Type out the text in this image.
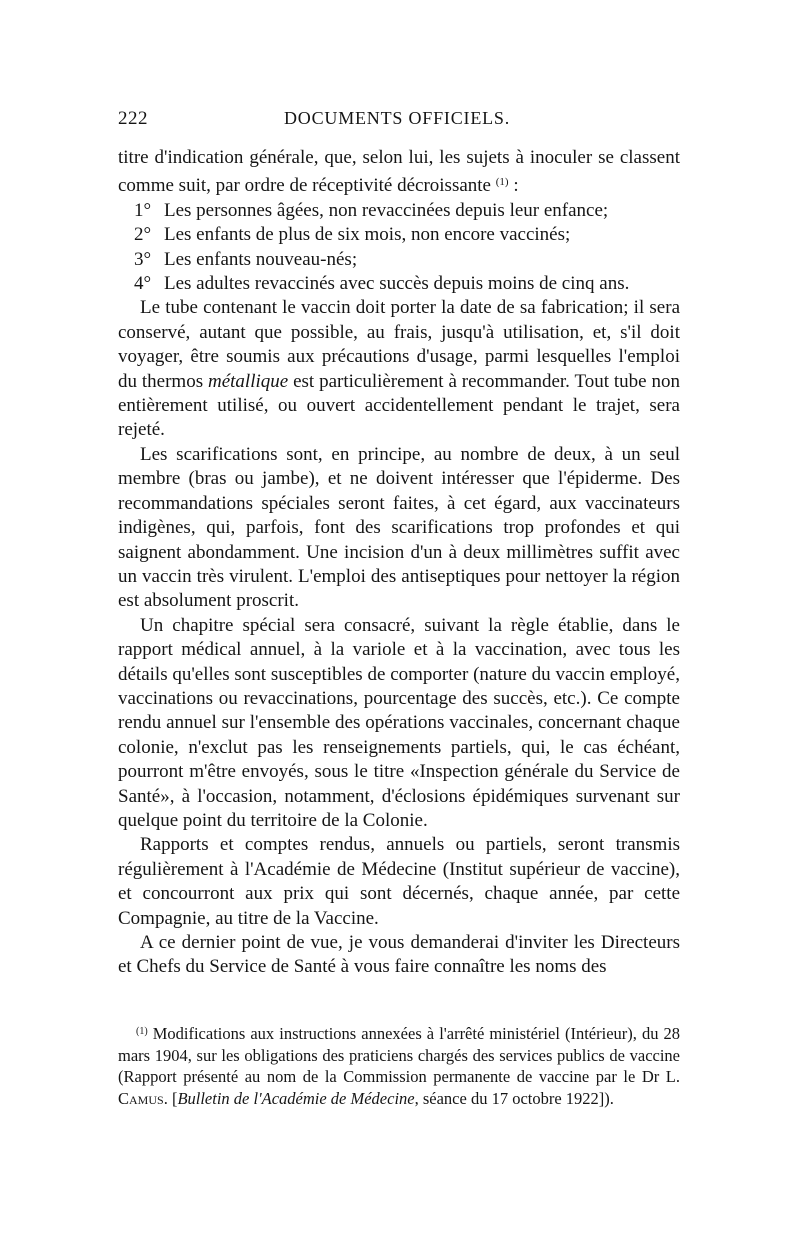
222	DOCUMENTS OFFICIELS.

titre d'indication générale, que, selon lui, les sujets à inoculer se classent comme suit, par ordre de réceptivité décroissante $^{(1)}$ :

1° Les personnes âgées, non revaccinées depuis leur enfance;

2° Les enfants de plus de six mois, non encore vaccinés;

3° Les enfants nouveau-nés;

4° Les adultes revaccinés avec succès depuis moins de cinq ans.

Le tube contenant le vaccin doit porter la date de sa fabrication; il sera conservé, autant que possible, au frais, jusqu'à utilisation, et, s'il doit voyager, être soumis aux précautions d'usage, parmi lesquelles l'emploi du thermos métallique est particulièrement à recommander. Tout tube non entièrement utilisé, ou ouvert accidentellement pendant le trajet, sera rejeté.

Les scarifications sont, en principe, au nombre de deux, à un seul membre (bras ou jambe), et ne doivent intéresser que l'épiderme. Des recommandations spéciales seront faites, à cet égard, aux vaccinateurs indigènes, qui, parfois, font des scarifications trop profondes et qui saignent abondamment. Une incision d'un à deux millimètres suffit avec un vaccin très virulent. L'emploi des antiseptiques pour nettoyer la région est absolument proscrit.

Un chapitre spécial sera consacré, suivant la règle établie, dans le rapport médical annuel, à la variole et à la vaccination, avec tous les détails qu'elles sont susceptibles de comporter (nature du vaccin employé, vaccinations ou revaccinations, pourcentage des succès, etc.). Ce compte rendu annuel sur l'ensemble des opérations vaccinales, concernant chaque colonie, n'exclut pas les renseignements partiels, qui, le cas échéant, pourront m'être envoyés, sous le titre «Inspection générale du Service de Santé», à l'occasion, notamment, d'éclosions épidémiques survenant sur quelque point du territoire de la Colonie.

Rapports et comptes rendus, annuels ou partiels, seront transmis régulièrement à l'Académie de Médecine (Institut supérieur de vaccine), et concourront aux prix qui sont décernés, chaque année, par cette Compagnie, au titre de la Vaccine.

A ce dernier point de vue, je vous demanderai d'inviter les Directeurs et Chefs du Service de Santé à vous faire connaître les noms des

$^{(1)}$ Modifications aux instructions annexées à l'arrêté ministériel (Intérieur), du 28 mars 1904, sur les obligations des praticiens chargés des services publics de vaccine (Rapport présenté au nom de la Commission permanente de vaccine par le Dr L. Camus. [Bulletin de l'Académie de Médecine, séance du 17 octobre 1922]).
